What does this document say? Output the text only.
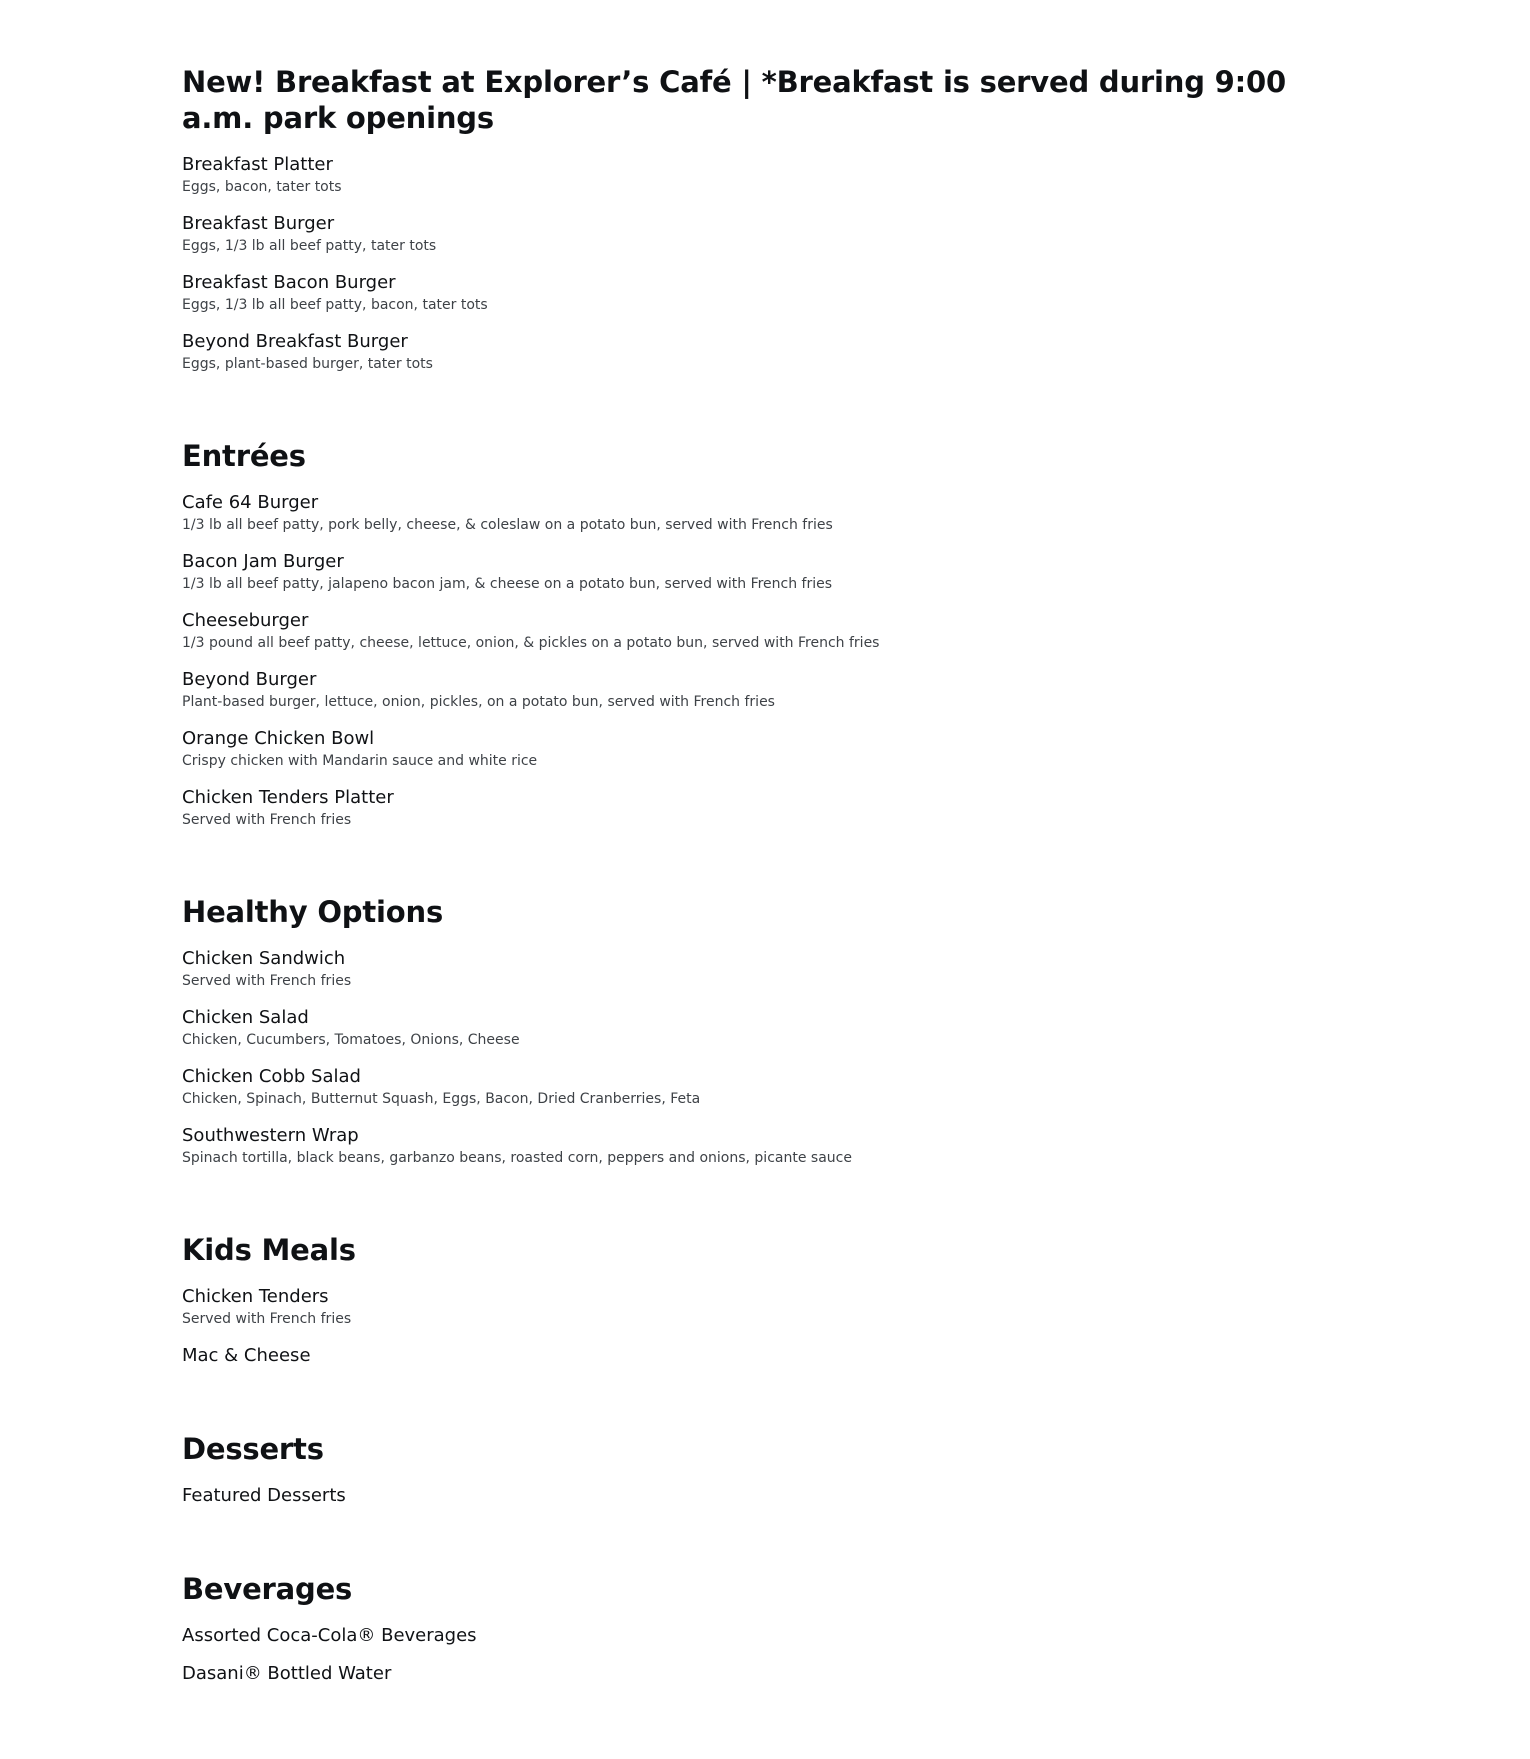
New! Breakfast at Explorer’s Café | *Breakfast is served during 9:00 a.m. park openings
Breakfast Platter
Eggs, bacon, tater tots
Breakfast Burger
Eggs, 1/3 lb all beef patty, tater tots
Breakfast Bacon Burger
Eggs, 1/3 lb all beef patty, bacon, tater tots
Beyond Breakfast Burger
Eggs, plant-based burger, tater tots
Entrées
Cafe 64 Burger
1/3 lb all beef patty, pork belly, cheese, & coleslaw on a potato bun, served with French fries
Bacon Jam Burger
1/3 lb all beef patty, jalapeno bacon jam, & cheese on a potato bun, served with French fries
Cheeseburger
1/3 pound all beef patty, cheese, lettuce, onion, & pickles on a potato bun, served with French fries
Beyond Burger
Plant-based burger, lettuce, onion, pickles, on a potato bun, served with French fries
Orange Chicken Bowl
Crispy chicken with Mandarin sauce and white rice
Chicken Tenders Platter
Served with French fries
Healthy Options
Chicken Sandwich
Served with French fries
Chicken Salad
Chicken, Cucumbers, Tomatoes, Onions, Cheese
Chicken Cobb Salad
Chicken, Spinach, Butternut Squash, Eggs, Bacon, Dried Cranberries, Feta
Southwestern Wrap
Spinach tortilla, black beans, garbanzo beans, roasted corn, peppers and onions, picante sauce
Kids Meals
Chicken Tenders
Served with French fries
Mac & Cheese
Desserts
Featured Desserts
Beverages
Assorted Coca-Cola® Beverages
Dasani® Bottled Water
